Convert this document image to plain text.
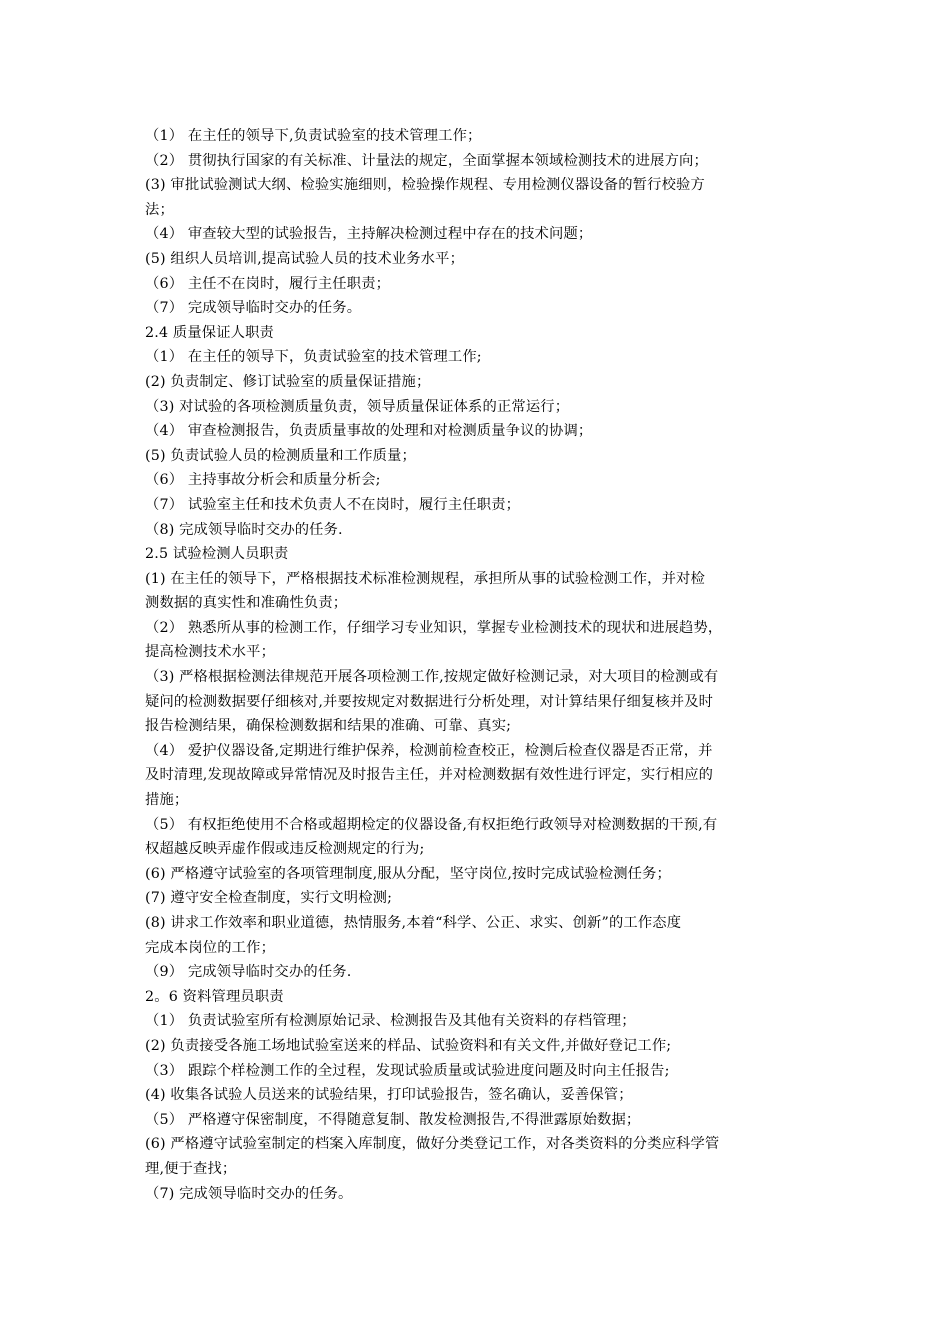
（1） 在主任的领导下,负责试验室的技术管理工作；
（2） 贯彻执行国家的有关标准、计量法的规定，全面掌握本领域检测技术的进展方向；
(3) 审批试验测试大纲、检验实施细则，检验操作规程、专用检测仪器设备的暂行校验方
法；
（4） 审查较大型的试验报告，主持解决检测过程中存在的技术问题；
(5) 组织人员培训,提高试验人员的技术业务水平；
（6） 主任不在岗时，履行主任职责；
（7） 完成领导临时交办的任务。
2.4 质量保证人职责
（1） 在主任的领导下，负责试验室的技术管理工作;
(2) 负责制定、修订试验室的质量保证措施；
（3) 对试验的各项检测质量负责，领导质量保证体系的正常运行；
（4） 审查检测报告，负责质量事故的处理和对检测质量争议的协调；
(5) 负责试验人员的检测质量和工作质量；
（6） 主持事故分析会和质量分析会;
（7） 试验室主任和技术负责人不在岗时，履行主任职责；
（8) 完成领导临时交办的任务.
2.5 试验检测人员职责
(1) 在主任的领导下，严格根据技术标准检测规程，承担所从事的试验检测工作，并对检
测数据的真实性和准确性负责；
（2） 熟悉所从事的检测工作，仔细学习专业知识，掌握专业检测技术的现状和进展趋势，
提高检测技术水平；
（3) 严格根据检测法律规范开展各项检测工作,按规定做好检测记录，对大项目的检测或有
疑问的检测数据要仔细核对,并要按规定对数据进行分析处理，对计算结果仔细复核并及时
报告检测结果，确保检测数据和结果的准确、可靠、真实;
（4） 爱护仪器设备,定期进行维护保养，检测前检查校正，检测后检查仪器是否正常，并
及时清理,发现故障或异常情况及时报告主任，并对检测数据有效性进行评定，实行相应的
措施；
（5） 有权拒绝使用不合格或超期检定的仪器设备,有权拒绝行政领导对检测数据的干预,有
权超越反映弄虚作假或违反检测规定的行为;
(6) 严格遵守试验室的各项管理制度,服从分配，坚守岗位,按时完成试验检测任务；
(7) 遵守安全检查制度，实行文明检测;
(8) 讲求工作效率和职业道德，热情服务,本着“科学、公正、求实、创新”的工作态度
完成本岗位的工作；
（9） 完成领导临时交办的任务.
2。6 资料管理员职责
（1） 负责试验室所有检测原始记录、检测报告及其他有关资料的存档管理；
(2) 负责接受各施工场地试验室送来的样品、试验资料和有关文件,并做好登记工作;
（3） 跟踪个样检测工作的全过程，发现试验质量或试验进度问题及时向主任报告;
(4) 收集各试验人员送来的试验结果，打印试验报告，签名确认，妥善保管；
（5） 严格遵守保密制度，不得随意复制、散发检测报告,不得泄露原始数据；
(6) 严格遵守试验室制定的档案入库制度，做好分类登记工作，对各类资料的分类应科学管
理,便于查找；
（7) 完成领导临时交办的任务。
